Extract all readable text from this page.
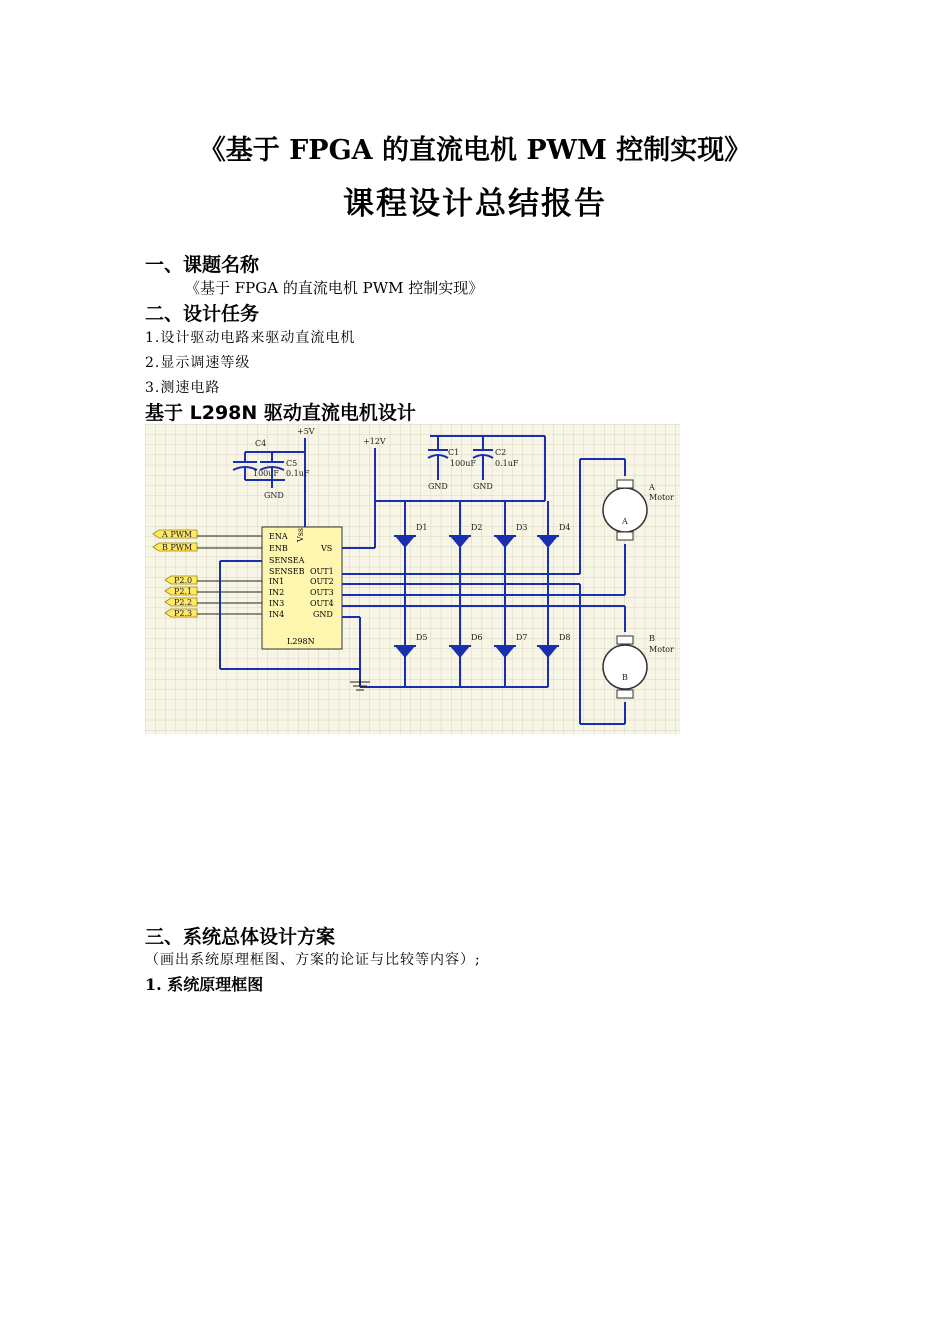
《基于 FPGA 的直流电机 PWM 控制实现》
课程设计总结报告
一、课题名称
《基于 FPGA 的直流电机 PWM 控制实现》
二、设计任务
1.设计驱动电路来驱动直流电机
2.显示调速等级
3.测速电路
基于 L298N 驱动直流电机设计
ENA
ENB
SENSEA
SENSEB
IN1
IN2
IN3
IN4
VS
OUT1
OUT2
OUT3
OUT4
GND
Vss
L298N
A PWM
B PWM
P2.0
P2.1
P2.2
P2.3
+5V
C4
100uF
C5
0.1uF
GND
+12V
C1
100uF
GND
C2
0.1uF
GND
D1	D2	D3	D4
D5	D6	D7	D8
A
A
Motor
B
B
Motor
三、系统总体设计方案
（画出系统原理框图、方案的论证与比较等内容）;
1. 系统原理框图
